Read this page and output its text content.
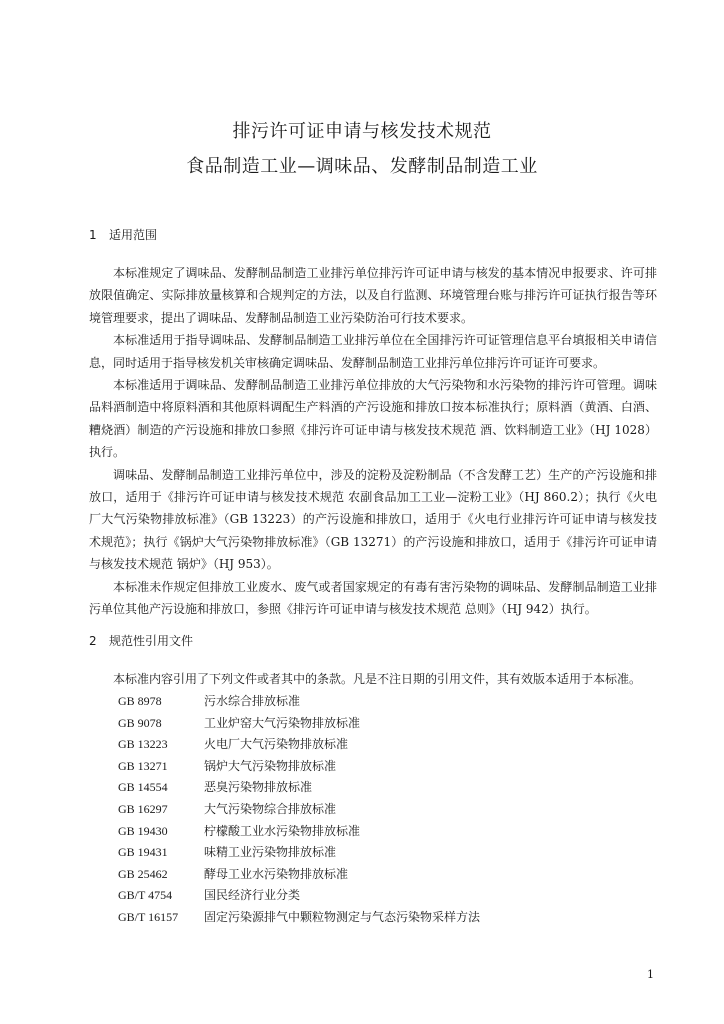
排污许可证申请与核发技术规范
食品制造工业—调味品、发酵制品制造工业
1 适用范围

本标准规定了调味品、发酵制品制造工业排污单位排污许可证申请与核发的基本情况申报要求、许可排放限值确定、实际排放量核算和合规判定的方法，以及自行监测、环境管理台账与排污许可证执行报告等环境管理要求，提出了调味品、发酵制品制造工业污染防治可行技术要求。

本标准适用于指导调味品、发酵制品制造工业排污单位在全国排污许可证管理信息平台填报相关申请信息，同时适用于指导核发机关审核确定调味品、发酵制品制造工业排污单位排污许可证许可要求。

本标准适用于调味品、发酵制品制造工业排污单位排放的大气污染物和水污染物的排污许可管理。调味品料酒制造中将原料酒和其他原料调配生产料酒的产污设施和排放口按本标准执行；原料酒（黄酒、白酒、糟烧酒）制造的产污设施和排放口参照《排污许可证申请与核发技术规范 酒、饮料制造工业》（HJ 1028）执行。

调味品、发酵制品制造工业排污单位中，涉及的淀粉及淀粉制品（不含发酵工艺）生产的产污设施和排放口，适用于《排污许可证申请与核发技术规范 农副食品加工工业—淀粉工业》（HJ 860.2）；执行《火电厂大气污染物排放标准》（GB 13223）的产污设施和排放口，适用于《火电行业排污许可证申请与核发技术规范》；执行《锅炉大气污染物排放标准》（GB 13271）的产污设施和排放口，适用于《排污许可证申请与核发技术规范 锅炉》（HJ 953）。

本标准未作规定但排放工业废水、废气或者国家规定的有毒有害污染物的调味品、发酵制品制造工业排污单位其他产污设施和排放口，参照《排污许可证申请与核发技术规范 总则》（HJ 942）执行。

2 规范性引用文件
本标准内容引用了下列文件或者其中的条款。凡是不注日期的引用文件，其有效版本适用于本标准。
GB 8978	污水综合排放标准
GB 9078	工业炉窑大气污染物排放标准
GB 13223	火电厂大气污染物排放标准
GB 13271	锅炉大气污染物排放标准
GB 14554	恶臭污染物排放标准
GB 16297	大气污染物综合排放标准
GB 19430	柠檬酸工业水污染物排放标准
GB 19431	味精工业污染物排放标准
GB 25462	酵母工业水污染物排放标准
GB/T 4754	国民经济行业分类
GB/T 16157 固定污染源排气中颗粒物测定与气态污染物采样方法
1
